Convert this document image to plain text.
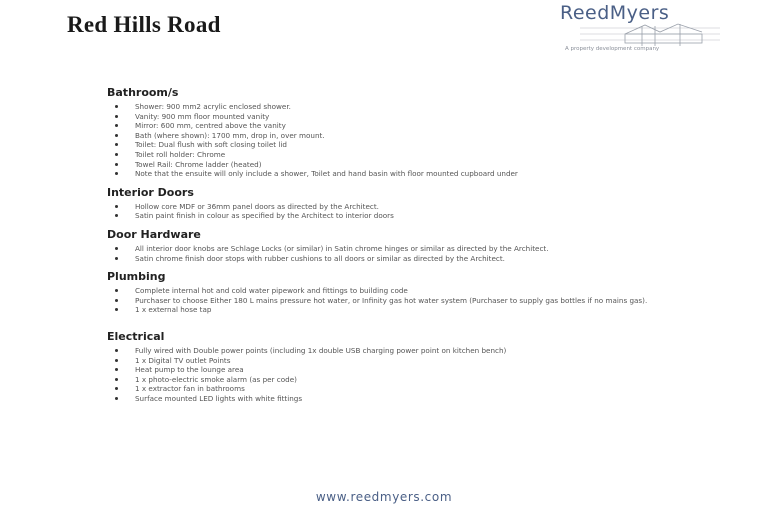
Red Hills Road	ReedMyers
A property development company
Bathroom/s
Shower: 900 mm2 acrylic enclosed shower.
Vanity: 900 mm floor mounted vanity
Mirror: 600 mm, centred above the vanity
Bath (where shown): 1700 mm, drop in, over mount.
Toilet: Dual flush with soft closing toilet lid
Toilet roll holder: Chrome
Towel Rail: Chrome ladder (heated)
Note that the ensuite will only include a shower, Toilet and hand basin with floor mounted cupboard under
Interior Doors
Hollow core MDF or 36mm panel doors as directed by the Architect.
Satin paint finish in colour as specified by the Architect to interior doors
Door Hardware
All interior door knobs are Schlage Locks (or similar) in Satin chrome hinges or similar as directed by the Architect.
Satin chrome finish door stops with rubber cushions to all doors or similar as directed by the Architect.
Plumbing
Complete internal hot and cold water pipework and fittings to building code
Purchaser to choose Either 180 L mains pressure hot water, or Infinity gas hot water system (Purchaser to supply gas bottles if no mains gas).
1 x external hose tap
Electrical
Fully wired with Double power points (including 1x double USB charging power point on kitchen bench)
1 x Digital TV outlet Points
Heat pump to the lounge area
1 x photo-electric smoke alarm (as per code)
1 x extractor fan in bathrooms
Surface mounted LED lights with white fittings
www.reedmyers.com
